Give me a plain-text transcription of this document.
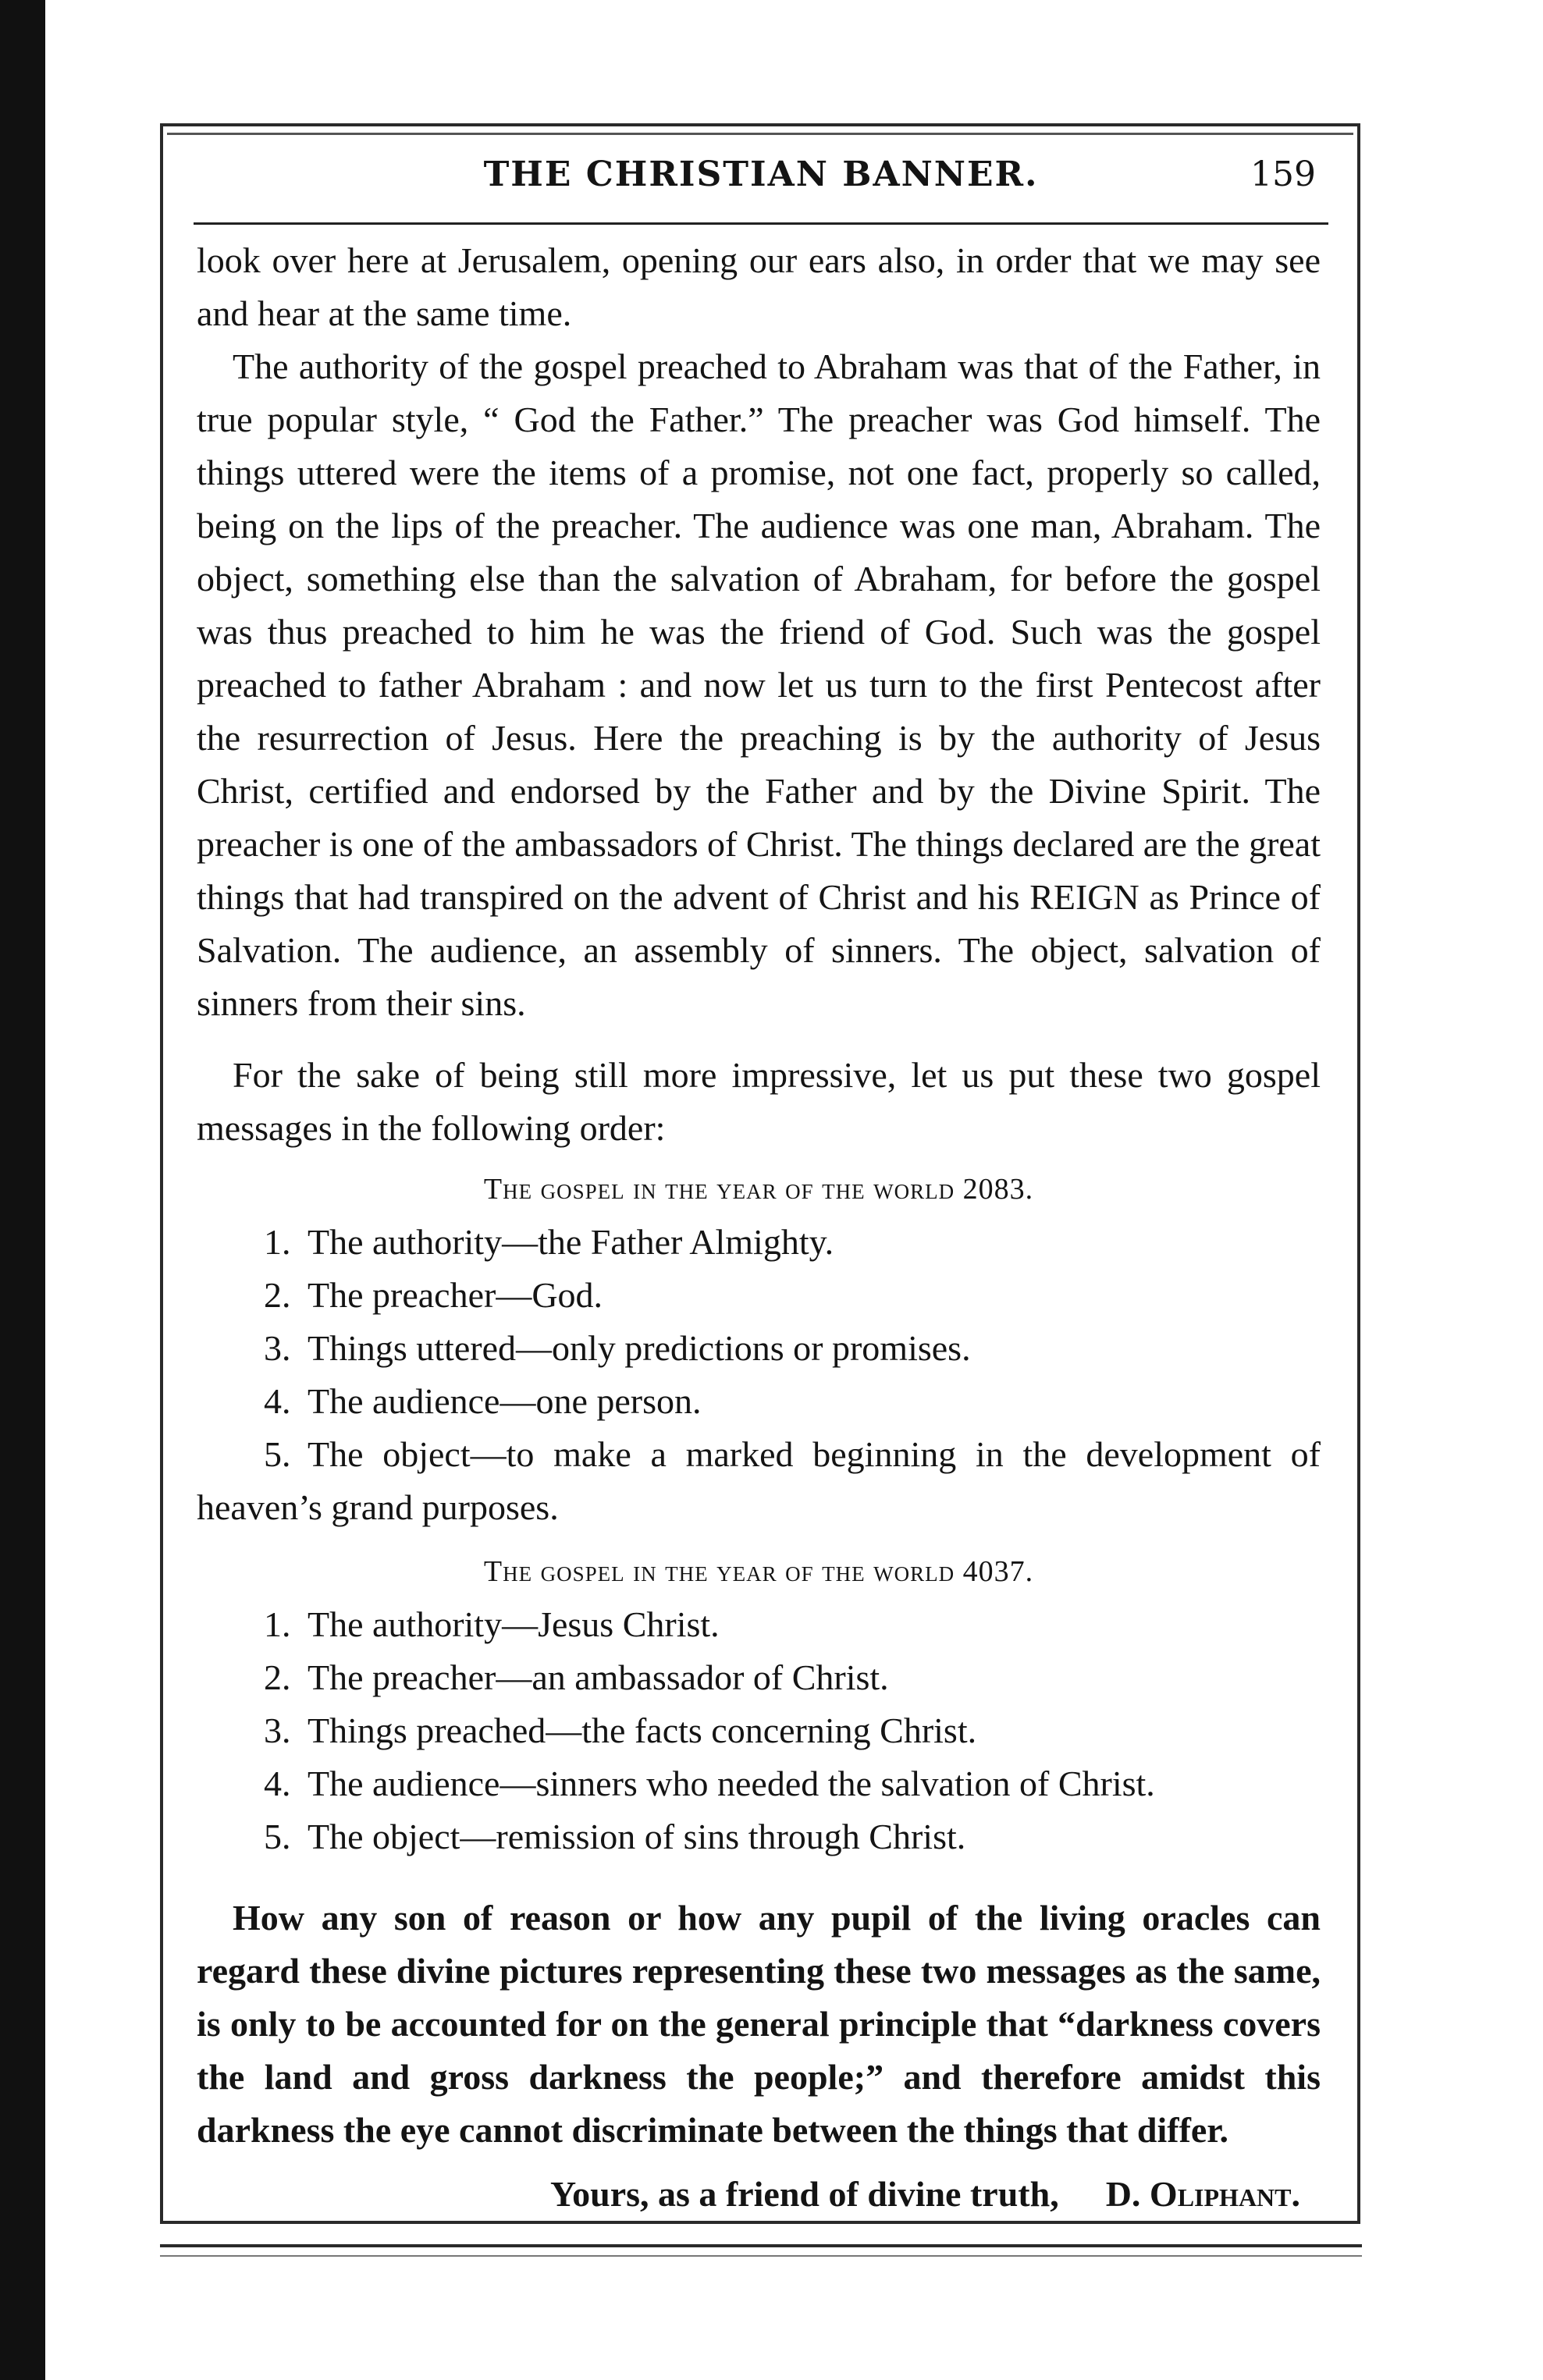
THE CHRISTIAN BANNER.	159

look over here at Jerusalem, opening our ears also, in order that we may see and hear at the same time.

The authority of the gospel preached to Abraham was that of the Father, in true popular style, “ God the Father.” The preacher was God himself. The things uttered were the items of a promise, not one fact, properly so called, being on the lips of the preacher. The audience was one man, Abraham. The object, something else than the salvation of Abraham, for before the gospel was thus preached to him he was the friend of God. Such was the gospel preached to father Abraham : and now let us turn to the first Pentecost after the resurrection of Jesus. Here the preaching is by the authority of Jesus Christ, certified and endorsed by the Father and by the Divine Spirit. The preacher is one of the ambassadors of Christ. The things declared are the great things that had transpired on the advent of Christ and his REIGN as Prince of Salvation. The audience, an assembly of sinners. The object, salvation of sinners from their sins.

For the sake of being still more impressive, let us put these two gospel messages in the following order:

The gospel in the year of the world 2083.
1. The authority—the Father Almighty.
2. The preacher—God.
3. Things uttered—only predictions or promises.
4. The audience—one person.
5. The object—to make a marked beginning in the development of heaven’s grand purposes.
The gospel in the year of the world 4037.
1. The authority—Jesus Christ.
2. The preacher—an ambassador of Christ.
3. Things preached—the facts concerning Christ.
4. The audience—sinners who needed the salvation of Christ.
5. The object—remission of sins through Christ.

How any son of reason or how any pupil of the living oracles can regard these divine pictures representing these two messages as the same, is only to be accounted for on the general principle that “darkness covers the land and gross darkness the people;” and therefore amidst this darkness the eye cannot discriminate between the things that differ.

Yours, as a friend of divine truth, D. Oliphant.
